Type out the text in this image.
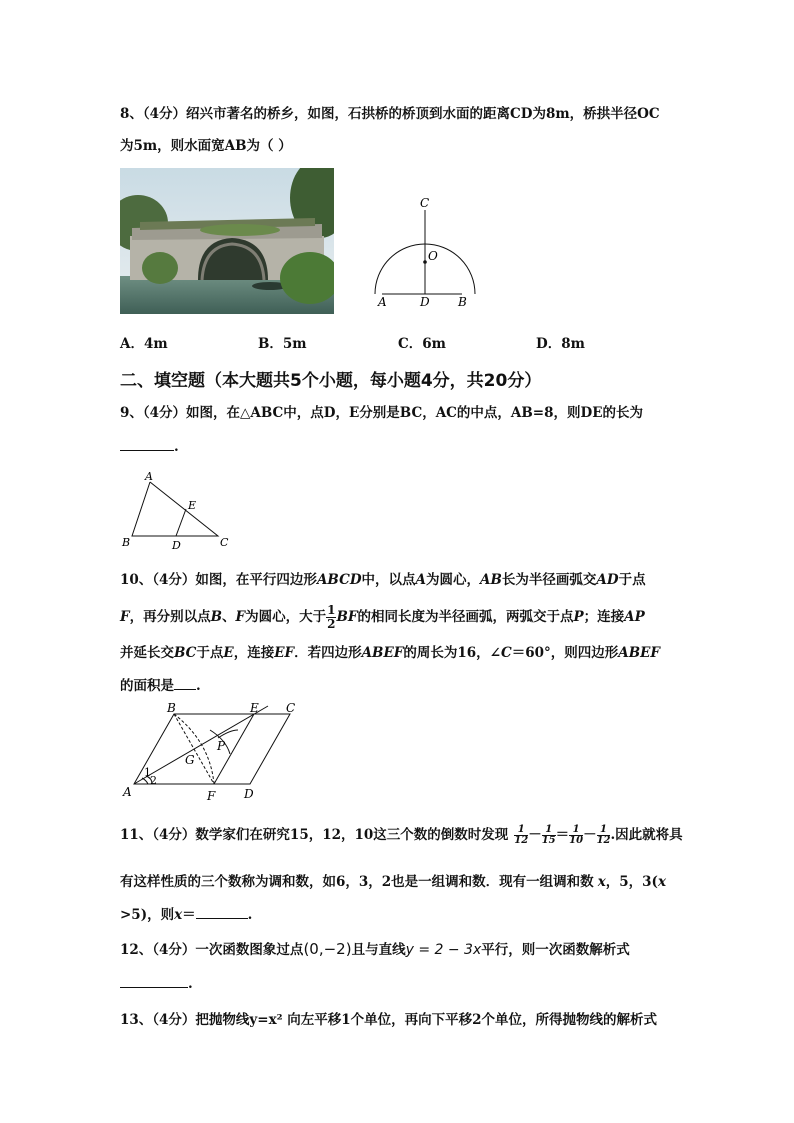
8、（4分）绍兴市著名的桥乡，如图，石拱桥的桥顶到水面的距离CD为8m，桥拱半径OC
为5m，则水面宽AB为（ ）
C
O
A	D B
A．4m	B．5m	C．6m	D．8m
二、填空题（本大题共5个小题，每小题4分，共20分）
9、（4分）如图，在△ABC中，点D，E分别是BC，AC的中点，AB=8，则DE的长为
.
A
E
B	D	C
10、（4分）如图，在平行四边形ABCD中，以点A为圆心，AB长为半径画弧交AD于点
F，再分别以点B、F为圆心，大于 $\frac{1}{2}$ BF的相同长度为半径画弧，两弧交于点P；连接AP
并延长交BC于点E，连接EF．若四边形ABEF的周长为16，∠C＝60°，则四边形ABEF
的面积是 .
B	E C
P
G
1
2
A	F D
11、（4分）数学家们在研究15，12，10这三个数的倒数时发现 $\frac{1}{12} - \frac{1}{15} = \frac{1}{10} - \frac{1}{12}$ .因此就将具
有这样性质的三个数称为调和数，如6，3，2也是一组调和数．现有一组调和数 x，5，3(x
>5)，则x＝	.
12、（4分）一次函数图象过点(0,−2)且与直线y = 2 − 3x平行，则一次函数解析式
.
13、（4分）把抛物线y=x² 向左平移1个单位，再向下平移2个单位，所得抛物线的解析式
